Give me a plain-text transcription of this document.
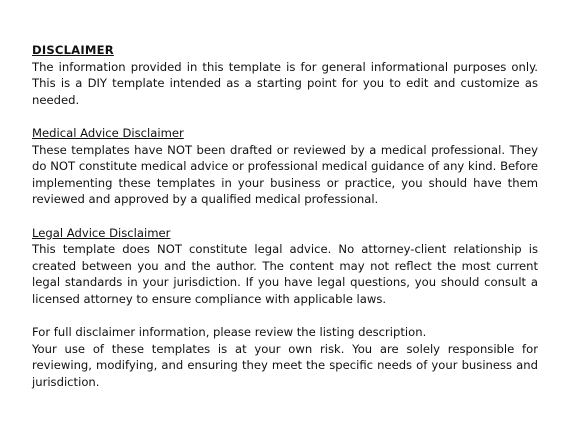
DISCLAIMER

The information provided in this template is for general informational purposes only. This is a DIY template intended as a starting point for you to edit and customize as needed.

Medical Advice Disclaimer

These templates have NOT been drafted or reviewed by a medical professional. They do NOT constitute medical advice or professional medical guidance of any kind. Before implementing these templates in your business or practice, you should have them reviewed and approved by a qualified medical professional.

Legal Advice Disclaimer

This template does NOT constitute legal advice. No attorney-client relationship is created between you and the author. The content may not reflect the most current legal standards in your jurisdiction. If you have legal questions, you should consult a licensed attorney to ensure compliance with applicable laws.

For full disclaimer information, please review the listing description.

Your use of these templates is at your own risk. You are solely responsible for reviewing, modifying, and ensuring they meet the specific needs of your business and jurisdiction.
